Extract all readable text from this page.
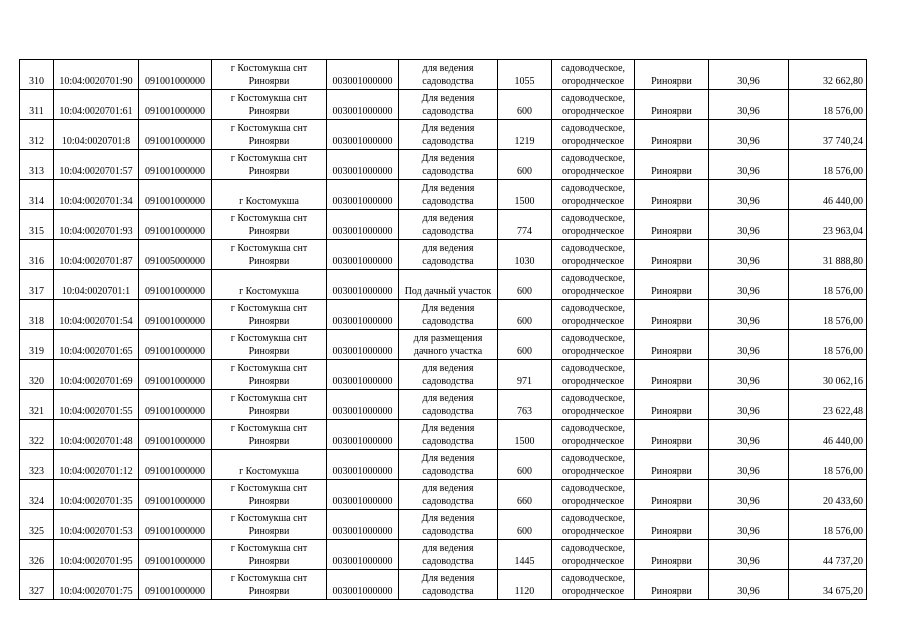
310	10:04:0020701:90	091001000000	г Костомукша снт
Риноярви	003001000000	для ведения
садоводства	1055	садоводческое,
огороднческое	Риноярви	30,96	32 662,80

311	10:04:0020701:61	091001000000	г Костомукша снт
Риноярви	003001000000	Для ведения
садоводства	600	садоводческое,
огороднческое	Риноярви	30,96	18 576,00

312	10:04:0020701:8	091001000000	г Костомукша снт
Риноярви	003001000000	Для ведения
садоводства	1219	садоводческое,
огороднческое	Риноярви	30,96	37 740,24

313	10:04:0020701:57	091001000000	г Костомукша снт
Риноярви	003001000000	Для ведения
садоводства	600	садоводческое,
огороднческое	Риноярви	30,96	18 576,00

314	10:04:0020701:34	091001000000	г Костомукша	003001000000	Для ведения
садоводства	1500	садоводческое,
огороднческое	Риноярви	30,96	46 440,00

315	10:04:0020701:93	091001000000	г Костомукша снт
Риноярви	003001000000	для ведения
садоводства	774	садоводческое,
огороднческое	Риноярви	30,96	23 963,04

316	10:04:0020701:87	091005000000	г Костомукша снт
Риноярви	003001000000	для ведения
садоводства	1030	садоводческое,
огороднческое	Риноярви	30,96	31 888,80

317	10:04:0020701:1	091001000000	г Костомукша	003001000000	Под дачный участок	600	садоводческое,
огороднческое	Риноярви	30,96	18 576,00

318	10:04:0020701:54	091001000000	г Костомукша снт
Риноярви	003001000000	Для ведения
садоводства	600	садоводческое,
огороднческое	Риноярви	30,96	18 576,00

319	10:04:0020701:65	091001000000	г Костомукша снт
Риноярви	003001000000	для размещения
дачного участка	600	садоводческое,
огороднческое	Риноярви	30,96	18 576,00

320	10:04:0020701:69	091001000000	г Костомукша снт
Риноярви	003001000000	для ведения
садоводства	971	садоводческое,
огороднческое	Риноярви	30,96	30 062,16

321	10:04:0020701:55	091001000000	г Костомукша снт
Риноярви	003001000000	для ведения
садоводства	763	садоводческое,
огороднческое	Риноярви	30,96	23 622,48

322	10:04:0020701:48	091001000000	г Костомукша снт
Риноярви	003001000000	Для ведения
садоводства	1500	садоводческое,
огороднческое	Риноярви	30,96	46 440,00

323	10:04:0020701:12	091001000000	г Костомукша	003001000000	Для ведения
садоводства	600	садоводческое,
огороднческое	Риноярви	30,96	18 576,00

324	10:04:0020701:35	091001000000	г Костомукша снт
Риноярви	003001000000	для ведения
садоводства	660	садоводческое,
огороднческое	Риноярви	30,96	20 433,60

325	10:04:0020701:53	091001000000	г Костомукша снт
Риноярви	003001000000	Для ведения
садоводства	600	садоводческое,
огороднческое	Риноярви	30,96	18 576,00

326	10:04:0020701:95	091001000000	г Костомукша снт
Риноярви	003001000000	для ведения
садоводства	1445	садоводческое,
огороднческое	Риноярви	30,96	44 737,20

327	10:04:0020701:75	091001000000	г Костомукша снт
Риноярви	003001000000	Для ведения
садоводства	1120	садоводческое,
огороднческое	Риноярви	30,96	34 675,20
